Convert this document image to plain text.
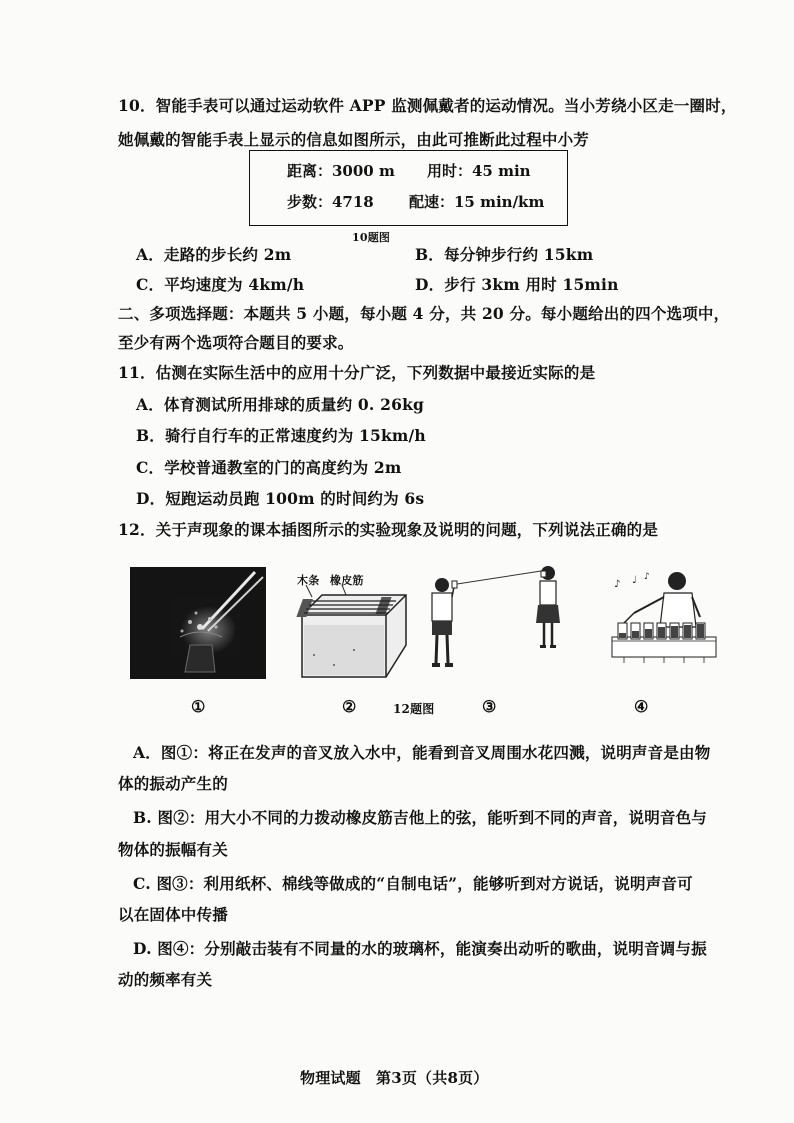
10．智能手表可以通过运动软件 APP 监测佩戴者的运动情况。当小芳绕小区走一圈时，
她佩戴的智能手表上显示的信息如图所示，由此可推断此过程中小芳
距离：3000 m 用时：45 min
步数：4718 配速：15 min/km
10题图
A．走路的步长约 2m	B．每分钟步行约 15km
C．平均速度为 4km/h	D．步行 3km 用时 15min
二、多项选择题：本题共 5 小题，每小题 4 分，共 20 分。每小题给出的四个选项中，
至少有两个选项符合题目的要求。
11．估测在实际生活中的应用十分广泛，下列数据中最接近实际的是
A．体育测试所用排球的质量约 0. 26kg
B．骑行自行车的正常速度约为 15km/h
C．学校普通教室的门的高度约为 2m
D．短跑运动员跑 100m 的时间约为 6s
12．关于声现象的课本插图所示的实验现象及说明的问题，下列说法正确的是
木条 橡皮筋	♪ ♩ ♪
①	②	12题图	③	④
A．图①：将正在发声的音叉放入水中，能看到音叉周围水花四溅，说明声音是由物
体的振动产生的
B. 图②：用大小不同的力拨动橡皮筋吉他上的弦，能听到不同的声音，说明音色与
物体的振幅有关
C. 图③：利用纸杯、棉线等做成的“自制电话”，能够听到对方说话，说明声音可
以在固体中传播
D. 图④：分别敲击装有不同量的水的玻璃杯，能演奏出动听的歌曲，说明音调与振
动的频率有关
物理试题　第3页（共8页）
